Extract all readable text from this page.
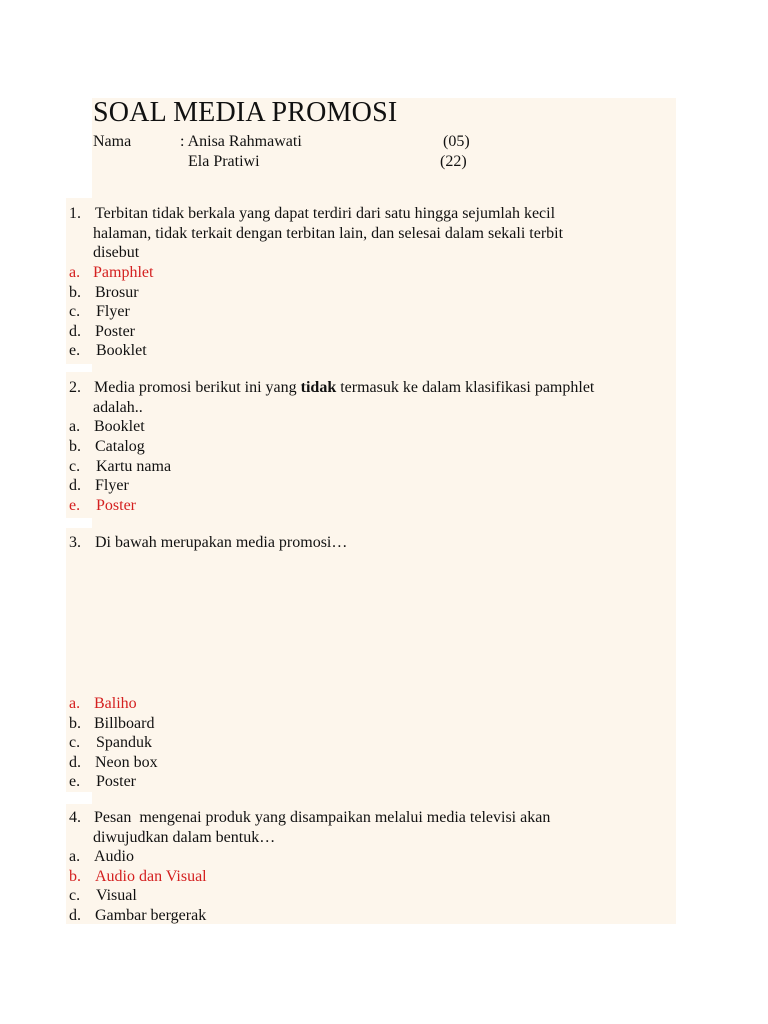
SOAL MEDIA PROMOSI
Nama	: Anisa Rahmawati	(05)
Ela Pratiwi	(22)
1. Terbitan tidak berkala yang dapat terdiri dari satu hingga sejumlah kecil
halaman, tidak terkait dengan terbitan lain, dan selesai dalam sekali terbit
disebut
a. Pamphlet
b. Brosur
c. Flyer
d. Poster
e. Booklet
2. Media promosi berikut ini yang tidak termasuk ke dalam klasifikasi pamphlet
adalah..
a. Booklet
b. Catalog
c. Kartu nama
d. Flyer
e. Poster
3. Di bawah merupakan media promosi…
a. Baliho
b. Billboard
c. Spanduk
d. Neon box
e. Poster
4. Pesan  mengenai produk yang disampaikan melalui media televisi akan
diwujudkan dalam bentuk…
a. Audio
b. Audio dan Visual
c. Visual
d. Gambar bergerak
